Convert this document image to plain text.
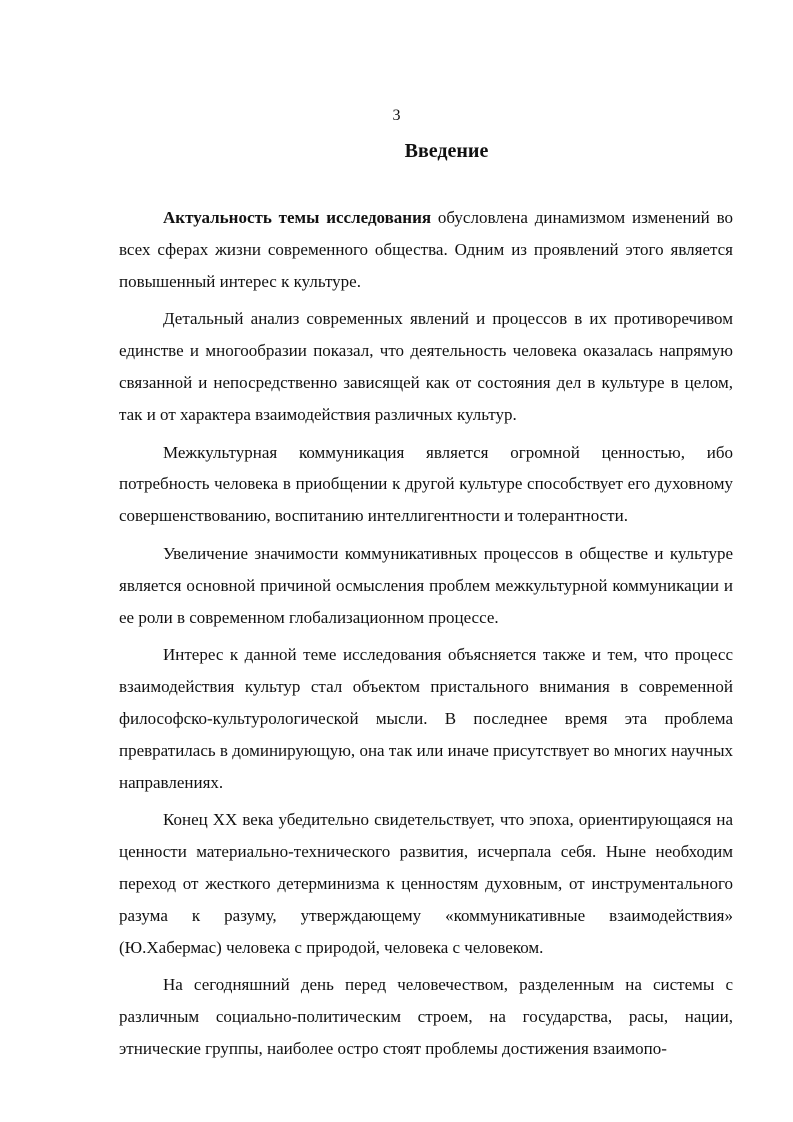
3
Введение

Актуальность темы исследования обусловлена динамизмом изменений во всех сферах жизни современного общества. Одним из проявлений этого является повышенный интерес к культуре.

Детальный анализ современных явлений и процессов в их противоречивом единстве и многообразии показал, что деятельность человека оказалась напрямую связанной и непосредственно зависящей как от состояния дел в культуре в целом, так и от характера взаимодействия различных культур.

Межкультурная коммуникация является огромной ценностью, ибо потребность человека в приобщении к другой культуре способствует его духовному совершенствованию, воспитанию интеллигентности и толерантности.

Увеличение значимости коммуникативных процессов в обществе и культуре является основной причиной осмысления проблем межкультурной коммуникации и ее роли в современном глобализационном процессе.

Интерес к данной теме исследования объясняется также и тем, что процесс взаимодействия культур стал объектом пристального внимания в современной философско-культурологической мысли. В последнее время эта проблема превратилась в доминирующую, она так или иначе присутствует во многих научных направлениях.

Конец XX века убедительно свидетельствует, что эпоха, ориентирующаяся на ценности материально-технического развития, исчерпала себя. Ныне необходим переход от жесткого детерминизма к ценностям духовным, от инструментального разума к разуму, утверждающему «коммуникативные взаимодействия» (Ю.Хабермас) человека с природой, человека с человеком.

На сегодняшний день перед человечеством, разделенным на системы с различным социально-политическим строем, на государства, расы, нации, этнические группы, наиболее остро стоят проблемы достижения взаимопо-
